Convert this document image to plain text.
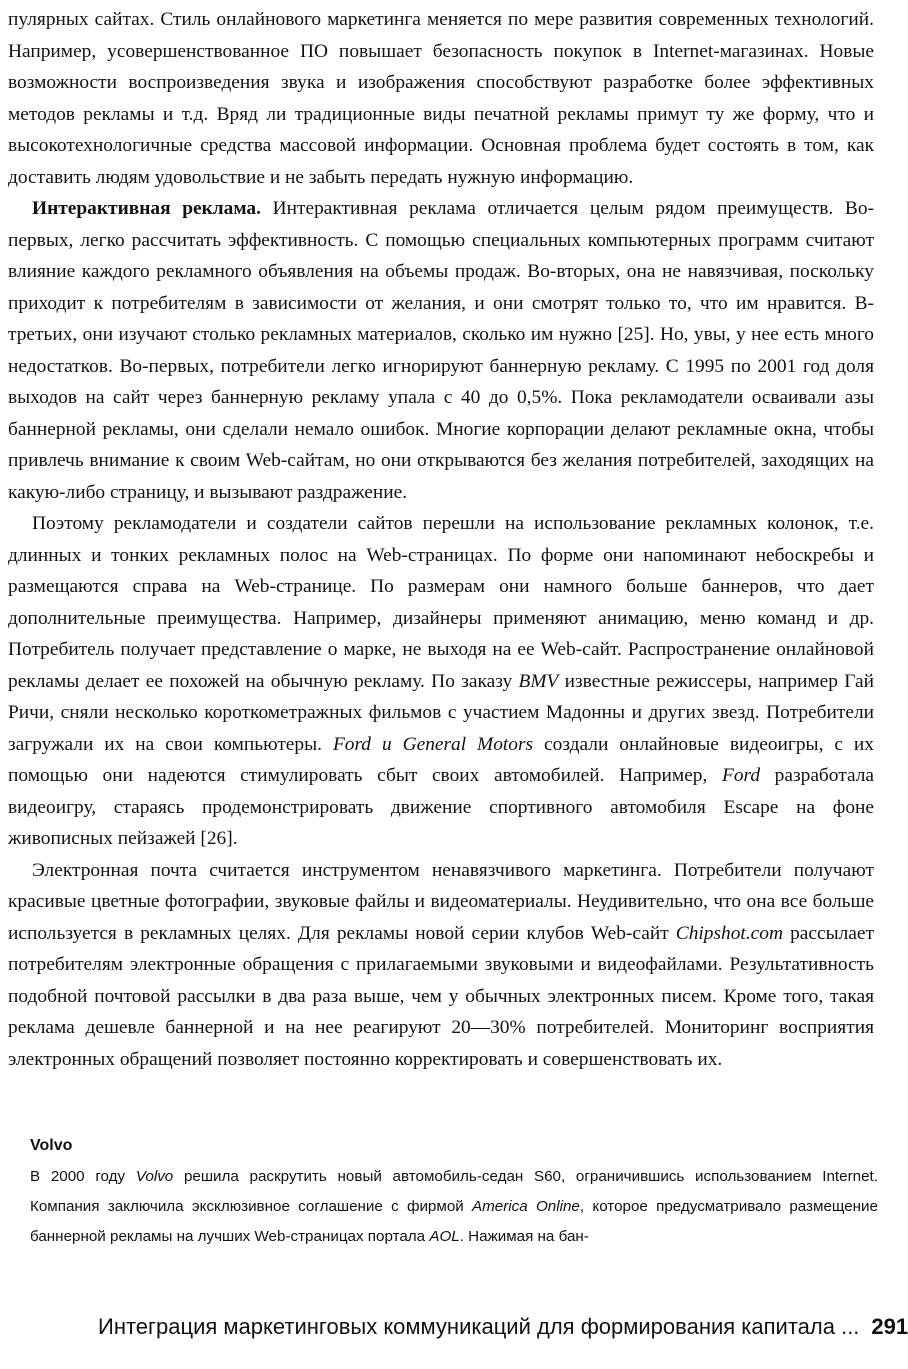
пулярных сайтах. Стиль онлайнового маркетинга меняется по мере развития современных технологий. Например, усовершенствованное ПО повышает безопасность покупок в Internet-магазинах. Новые возможности воспроизведения звука и изображения способствуют разработке более эффективных методов рекламы и т.д. Вряд ли традиционные виды печатной рекламы примут ту же форму, что и высокотехнологичные средства массовой информации. Основная проблема будет состоять в том, как доставить людям удовольствие и не забыть передать нужную информацию.

Интерактивная реклама. Интерактивная реклама отличается целым рядом преимуществ. Во-первых, легко рассчитать эффективность. С помощью специальных компьютерных программ считают влияние каждого рекламного объявления на объемы продаж. Во-вторых, она не навязчивая, поскольку приходит к потребителям в зависимости от желания, и они смотрят только то, что им нравится. В-третьих, они изучают столько рекламных материалов, сколько им нужно [25]. Но, увы, у нее есть много недостатков. Во-первых, потребители легко игнорируют баннерную рекламу. С 1995 по 2001 год доля выходов на сайт через баннерную рекламу упала с 40 до 0,5%. Пока рекламодатели осваивали азы баннерной рекламы, они сделали немало ошибок. Многие корпорации делают рекламные окна, чтобы привлечь внимание к своим Web-сайтам, но они открываются без желания потребителей, заходящих на какую-либо страницу, и вызывают раздражение.

Поэтому рекламодатели и создатели сайтов перешли на использование рекламных колонок, т.е. длинных и тонких рекламных полос на Web-страницах. По форме они напоминают небоскребы и размещаются справа на Web-странице. По размерам они намного больше баннеров, что дает дополнительные преимущества. Например, дизайнеры применяют анимацию, меню команд и др. Потребитель получает представление о марке, не выходя на ее Web-сайт. Распространение онлайновой рекламы делает ее похожей на обычную рекламу. По заказу BMV известные режиссеры, например Гай Ричи, сняли несколько короткометражных фильмов с участием Мадонны и других звезд. Потребители загружали их на свои компьютеры. Ford и General Motors создали онлайновые видеоигры, с их помощью они надеются стимулировать сбыт своих автомобилей. Например, Ford разработала видеоигру, стараясь продемонстрировать движение спортивного автомобиля Escape на фоне живописных пейзажей [26].

Электронная почта считается инструментом ненавязчивого маркетинга. Потребители получают красивые цветные фотографии, звуковые файлы и видеоматериалы. Неудивительно, что она все больше используется в рекламных целях. Для рекламы новой серии клубов Web-сайт Chipshot.com рассылает потребителям электронные обращения с прилагаемыми звуковыми и видеофайлами. Результативность подобной почтовой рассылки в два раза выше, чем у обычных электронных писем. Кроме того, такая реклама дешевле баннерной и на нее реагируют 20—30% потребителей. Мониторинг восприятия электронных обращений позволяет постоянно корректировать и совершенствовать их.

Volvo

В 2000 году Volvo решила раскрутить новый автомобиль-седан S60, ограничившись использованием Internet. Компания заключила эксклюзивное соглашение с фирмой America Online, которое предусматривало размещение баннерной рекламы на лучших Web-страницах портала AOL. Нажимая на бан-

Интеграция маркетинговых коммуникаций для формирования капитала ... 291
